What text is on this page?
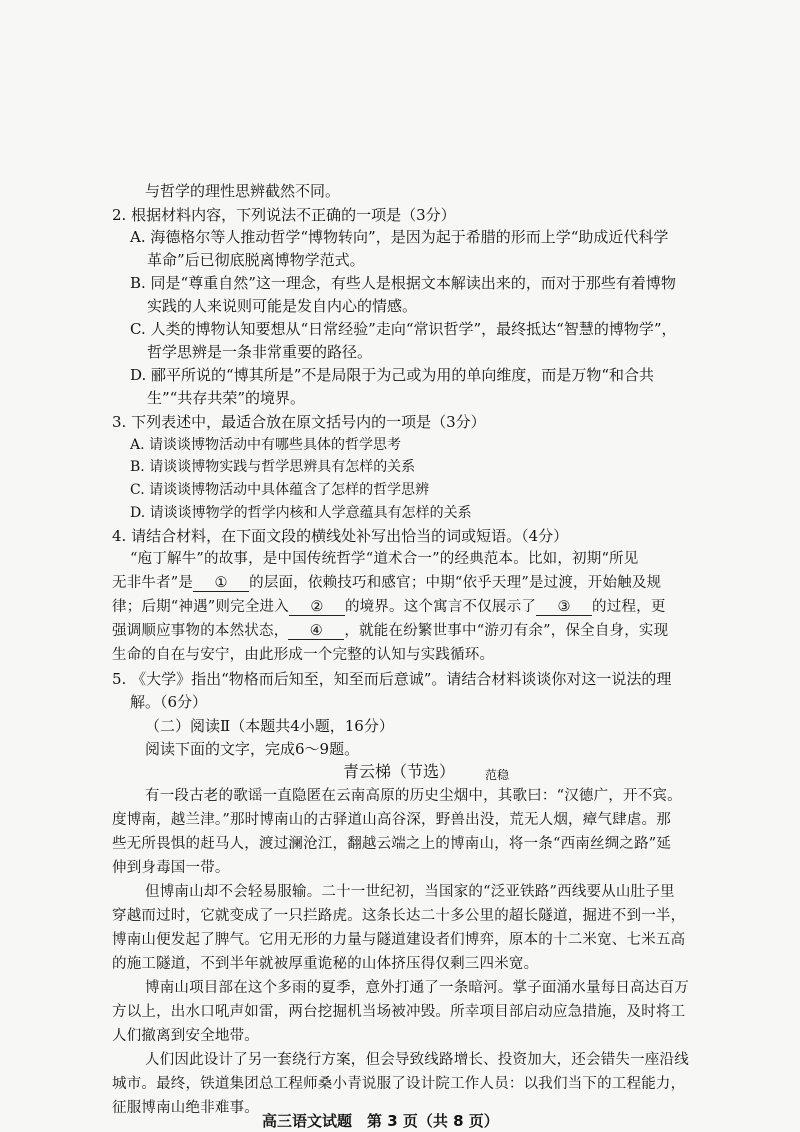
与哲学的理性思辨截然不同。
2. 根据材料内容，下列说法不正确的一项是（3分）
A. 海德格尔等人推动哲学“博物转向”，是因为起于希腊的形而上学“助成近代科学
革命”后已彻底脱离博物学范式。
B. 同是“尊重自然”这一理念，有些人是根据文本解读出来的，而对于那些有着博物
实践的人来说则可能是发自内心的情感。
C. 人类的博物认知要想从“日常经验”走向“常识哲学”，最终抵达“智慧的博物学”，
哲学思辨是一条非常重要的路径。
D. 郦平所说的“博其所是”不是局限于为己或为用的单向维度，而是万物“和合共
生”“共存共荣”的境界。
3. 下列表述中，最适合放在原文括号内的一项是（3分）
A. 请谈谈博物活动中有哪些具体的哲学思考
B. 请谈谈博物实践与哲学思辨具有怎样的关系
C. 请谈谈博物活动中具体蕴含了怎样的哲学思辨
D. 请谈谈博物学的哲学内核和人学意蕴具有怎样的关系
4. 请结合材料，在下面文段的横线处补写出恰当的词或短语。（4分）
“庖丁解牛”的故事，是中国传统哲学“道术合一”的经典范本。比如，初期“所见
无非牛者”是 ① 的层面，依赖技巧和感官；中期“依乎天理”是过渡，开始触及规
律；后期“神遇”则完全进入 ② 的境界。这个寓言不仅展示了 ③ 的过程，更
强调顺应事物的本然状态， ④ ，就能在纷繁世事中“游刃有余”，保全自身，实现
生命的自在与安宁，由此形成一个完整的认知与实践循环。
5. 《大学》指出“物格而后知至，知至而后意诚”。请结合材料谈谈你对这一说法的理
解。（6分）
（二）阅读Ⅱ（本题共4小题，16分）
阅读下面的文字，完成6～9题。
青云梯（节选） 范稳
有一段古老的歌谣一直隐匿在云南高原的历史尘烟中，其歌曰：“汉德广，开不宾。
度博南，越兰津。”那时博南山的古驿道山高谷深，野兽出没，荒无人烟，瘴气肆虐。那
些无所畏惧的赶马人，渡过澜沧江，翻越云端之上的博南山，将一条“西南丝绸之路”延
伸到身毒国一带。
但博南山却不会轻易服输。二十一世纪初，当国家的“泛亚铁路”西线要从山肚子里
穿越而过时，它就变成了一只拦路虎。这条长达二十多公里的超长隧道，掘进不到一半，
博南山便发起了脾气。它用无形的力量与隧道建设者们博弈，原本的十二米宽、七米五高
的施工隧道，不到半年就被厚重诡秘的山体挤压得仅剩三四米宽。
博南山项目部在这个多雨的夏季，意外打通了一条暗河。掌子面涌水量每日高达百万
方以上，出水口吼声如雷，两台挖掘机当场被冲毁。所幸项目部启动应急措施，及时将工
人们撤离到安全地带。
人们因此设计了另一套绕行方案，但会导致线路增长、投资加大，还会错失一座沿线
城市。最终，铁道集团总工程师桑小青说服了设计院工作人员：以我们当下的工程能力，
征服博南山绝非难事。
高三语文试题　第 3 页（共 8 页）
